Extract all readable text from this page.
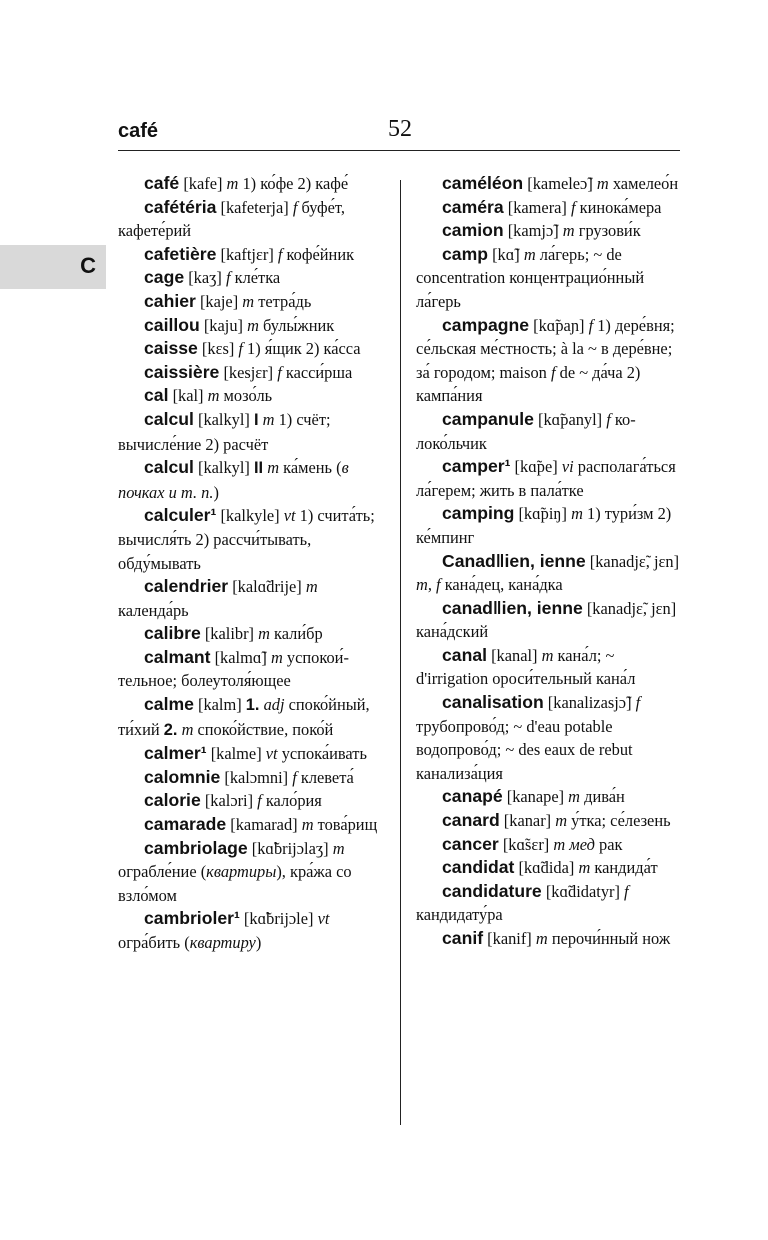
café	52
C
café [kafe] m 1) ко́фе 2) кафе́
cafétéria [kafeterja] f буфе́т, кафете́рий
cafetière [kaftjɛr] f кофе́йник
cage [kaʒ] f кле́тка
cahier [kaje] m тетра́дь
caillou [kaju] m булы́жник
caisse [kɛs] f 1) я́щик 2) ка́сса
caissière [kesjɛr] f касси́рша
cal [kal] m мозо́ль
calcul [kalkyl] I m 1) счёт; вычисле́ние 2) расчёт
calcul [kalkyl] II m ка́мень (в почках и т. п.)
calculer¹ [kalkyle] vt 1) счита́ть; вычисля́ть 2) рассчи́тывать, обду́мывать
calendrier [kalɑ̃drije] m календа́рь
calibre [kalibr] m кали́бр
calmant [kalmɑ̃] m успокои́тельное; болеутоля́ющее
calme [kalm] 1. adj споко́йный, ти́хий 2. m споко́йствие, поко́й
calmer¹ [kalme] vt успока́ивать
calomnie [kalɔmni] f клевета́
calorie [kalɔri] f кало́рия
camarade [kamarad] m това́рищ
cambriolage [kɑ̃brijɔlaʒ] m ограбле́ние (квартиры), кра́жа со взло́мом
cambrioler¹ [kɑ̃brijɔle] vt огра́бить (квартиру)
caméléon [kameleɔ̃] m хамелео́н
caméra [kamera] f кинока́мера
camion [kamjɔ̃] m грузови́к
camp [kɑ̃] m ла́герь; ~ de concentration концентрацио́нный ла́герь
campagne [kɑ̃paɲ] f 1) дере́вня; се́льская ме́стность; à la ~ в дере́вне; за́ городом; maison f de ~ да́ча 2) кампа́ния
campanule [kɑ̃panyl] f колоко́льчик
camper¹ [kɑ̃pe] vi располага́ться ла́герем; жить в пала́тке
camping [kɑ̃piŋ] m 1) тури́зм 2) ке́мпинг
Canad‖ien, ienne [kanadjɛ̃, jɛn] m, f кана́дец, кана́дка
canad‖ien, ienne [kanadjɛ̃, jɛn] кана́дский
canal [kanal] m кана́л; ~ d'irrigation ороси́тельный кана́л
canalisation [kanalizasjɔ̃] f трубопрово́д; ~ d'eau potable водопрово́д; ~ des eaux de rebut канализа́ция
canapé [kanape] m дива́н
canard [kanar] m у́тка; се́лезень
cancer [kɑ̃sɛr] m мед рак
candidat [kɑ̃dida] m кандида́т
candidature [kɑ̃didatyr] f кандидату́ра
canif [kanif] m перочи́нный нож
